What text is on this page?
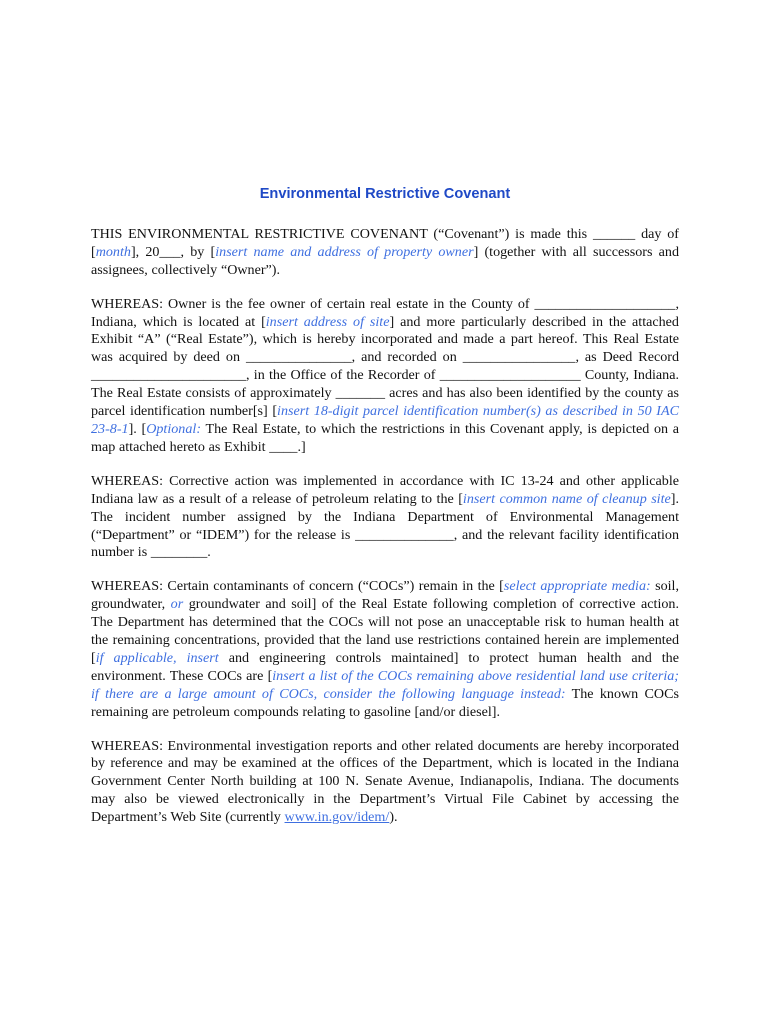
Environmental Restrictive Covenant

THIS ENVIRONMENTAL RESTRICTIVE COVENANT (“Covenant”) is made this ______ day of [month], 20___, by [insert name and address of property owner] (together with all successors and assignees, collectively “Owner”).

WHEREAS: Owner is the fee owner of certain real estate in the County of ____________________, Indiana, which is located at [insert address of site] and more particularly described in the attached Exhibit “A” (“Real Estate”), which is hereby incorporated and made a part hereof. This Real Estate was acquired by deed on _______________, and recorded on ________________, as Deed Record ______________________, in the Office of the Recorder of ____________________ County, Indiana. The Real Estate consists of approximately _______ acres and has also been identified by the county as parcel identification number[s] [insert 18-digit parcel identification number(s) as described in 50 IAC 23-8-1]. [Optional: The Real Estate, to which the restrictions in this Covenant apply, is depicted on a map attached hereto as Exhibit ____.]

WHEREAS: Corrective action was implemented in accordance with IC 13-24 and other applicable Indiana law as a result of a release of petroleum relating to the [insert common name of cleanup site]. The incident number assigned by the Indiana Department of Environmental Management (“Department” or “IDEM”) for the release is ______________, and the relevant facility identification number is ________.

WHEREAS: Certain contaminants of concern (“COCs”) remain in the [select appropriate media: soil, groundwater, or groundwater and soil] of the Real Estate following completion of corrective action. The Department has determined that the COCs will not pose an unacceptable risk to human health at the remaining concentrations, provided that the land use restrictions contained herein are implemented [if applicable, insert and engineering controls maintained] to protect human health and the environment. These COCs are [insert a list of the COCs remaining above residential land use criteria; if there are a large amount of COCs, consider the following language instead: The known COCs remaining are petroleum compounds relating to gasoline [and/or diesel].

WHEREAS: Environmental investigation reports and other related documents are hereby incorporated by reference and may be examined at the offices of the Department, which is located in the Indiana Government Center North building at 100 N. Senate Avenue, Indianapolis, Indiana. The documents may also be viewed electronically in the Department’s Virtual File Cabinet by accessing the Department’s Web Site (currently www.in.gov/idem/).
